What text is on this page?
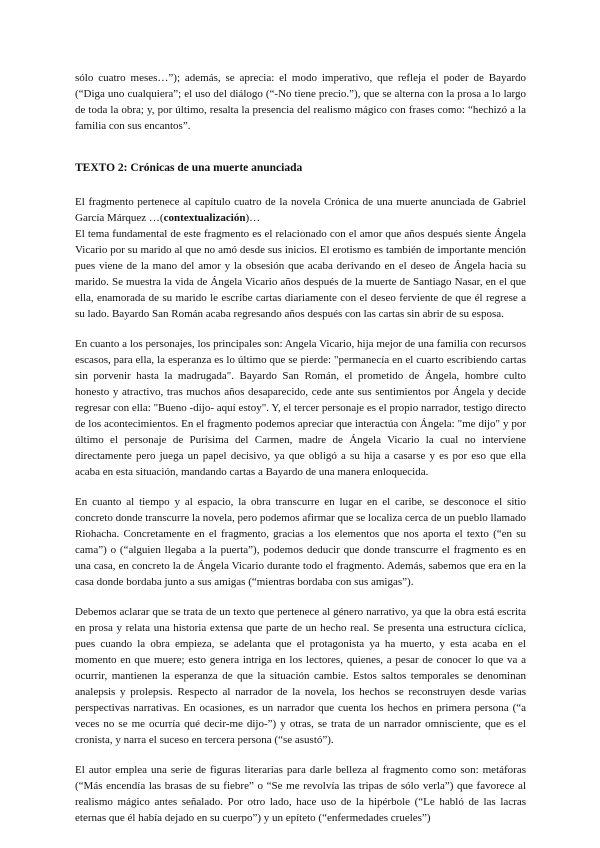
sólo cuatro meses…”); además, se aprecia: el modo imperativo, que refleja el poder de Bayardo (“Diga uno cualquiera”; el uso del diálogo (“-No tiene precio.”), que se alterna con la prosa a lo largo de toda la obra; y, por último, resalta la presencia del realismo mágico con frases como: “hechizó a la familia con sus encantos”.

TEXTO 2: Crónicas de una muerte anunciada

El fragmento pertenece al capítulo cuatro de la novela Crónica de una muerte anunciada de Gabriel García Márquez …(contextualización)…

El tema fundamental de este fragmento es el relacionado con el amor que años después siente Ángela Vicario por su marido al que no amó desde sus inicios. El erotismo es también de importante mención pues viene de la mano del amor y la obsesión que acaba derivando en el deseo de Ángela hacia su marido. Se muestra la vida de Ángela Vicario años después de la muerte de Santiago Nasar, en el que ella, enamorada de su marido le escribe cartas diariamente con el deseo ferviente de que él regrese a su lado. Bayardo San Román acaba regresando años después con las cartas sin abrir de su esposa.

En cuanto a los personajes, los principales son: Angela Vicario, hija mejor de una familia con recursos escasos, para ella, la esperanza es lo último que se pierde: "permanecía en el cuarto escribiendo cartas sin porvenir hasta la madrugada". Bayardo San Román, el prometido de Ángela, hombre culto honesto y atractivo, tras muchos años desaparecido, cede ante sus sentimientos por Ángela y decide regresar con ella: "Bueno -dijo- aquí estoy". Y, el tercer personaje es el propio narrador, testigo directo de los acontecimientos. En el fragmento podemos apreciar que interactúa con Ángela: "me dijo" y por último el personaje de Purísima del Carmen, madre de Ángela Vicario la cual no interviene directamente pero juega un papel decisivo, ya que obligó a su hija a casarse y es por eso que ella acaba en esta situación, mandando cartas a Bayardo de una manera enloquecida.

En cuanto al tiempo y al espacio, la obra transcurre en lugar en el caribe, se desconoce el sitio concreto donde transcurre la novela, pero podemos afirmar que se localiza cerca de un pueblo llamado Riohacha. Concretamente en el fragmento, gracias a los elementos que nos aporta el texto (“en su cama”) o (“alguien llegaba a la puerta”), podemos deducir que donde transcurre el fragmento es en una casa, en concreto la de Ángela Vicario durante todo el fragmento. Además, sabemos que era en la casa donde bordaba junto a sus amigas (“mientras bordaba con sus amigas”).

Debemos aclarar que se trata de un texto que pertenece al género narrativo, ya que la obra está escrita en prosa y relata una historia extensa que parte de un hecho real. Se presenta una estructura cíclica, pues cuando la obra empieza, se adelanta que el protagonista ya ha muerto, y esta acaba en el momento en que muere; esto genera intriga en los lectores, quienes, a pesar de conocer lo que va a ocurrir, mantienen la esperanza de que la situación cambie. Estos saltos temporales se denominan analepsis y prolepsis. Respecto al narrador de la novela, los hechos se reconstruyen desde varias perspectivas narrativas. En ocasiones, es un narrador que cuenta los hechos en primera persona (“a veces no se me ocurría qué decir-me dijo-”) y otras, se trata de un narrador omnisciente, que es el cronista, y narra el suceso en tercera persona (“se asustó”).

El autor emplea una serie de figuras literarias para darle belleza al fragmento como son: metáforas (“Más encendía las brasas de su fiebre” o “Se me revolvía las tripas de sólo verla”) que favorece al realismo mágico antes señalado. Por otro lado, hace uso de la hipérbole (“Le habló de las lacras eternas que él había dejado en su cuerpo”) y un epíteto (“enfermedades crueles”)
